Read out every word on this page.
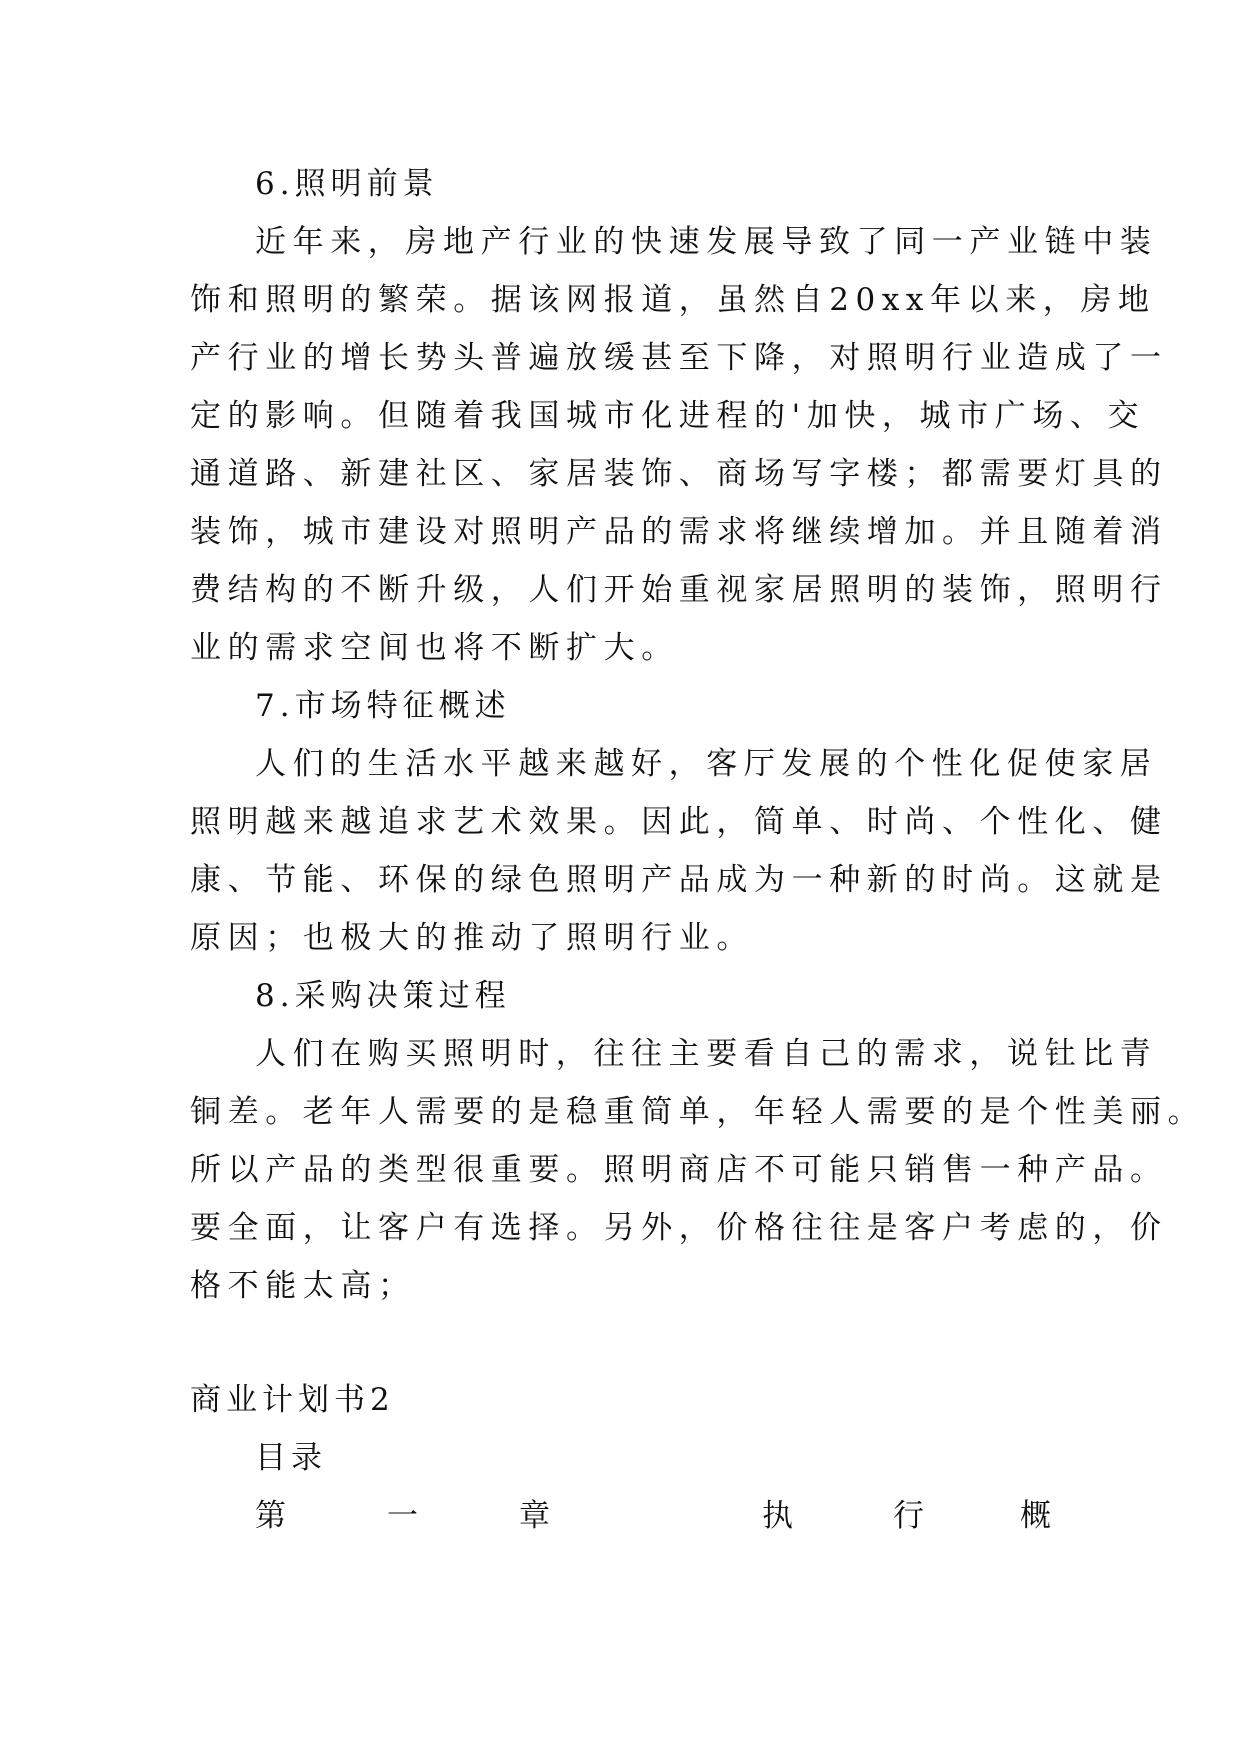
6.照明前景
近年来，房地产行业的快速发展导致了同一产业链中装
饰和照明的繁荣。据该网报道，虽然自20xx年以来，房地
产行业的增长势头普遍放缓甚至下降，对照明行业造成了一
定的影响。但随着我国城市化进程的'加快，城市广场、交
通道路、新建社区、家居装饰、商场写字楼；都需要灯具的
装饰，城市建设对照明产品的需求将继续增加。并且随着消
费结构的不断升级，人们开始重视家居照明的装饰，照明行
业的需求空间也将不断扩大。
7.市场特征概述
人们的生活水平越来越好，客厅发展的个性化促使家居
照明越来越追求艺术效果。因此，简单、时尚、个性化、健
康、节能、环保的绿色照明产品成为一种新的时尚。这就是
原因；也极大的推动了照明行业。
8.采购决策过程
人们在购买照明时，往往主要看自己的需求，说钍比青
铜差。老年人需要的是稳重简单，年轻人需要的是个性美丽。
所以产品的类型很重要。照明商店不可能只销售一种产品。
要全面，让客户有选择。另外，价格往往是客户考虑的，价
格不能太高；
商业计划书2
目录
第	一	章	执	行	概
